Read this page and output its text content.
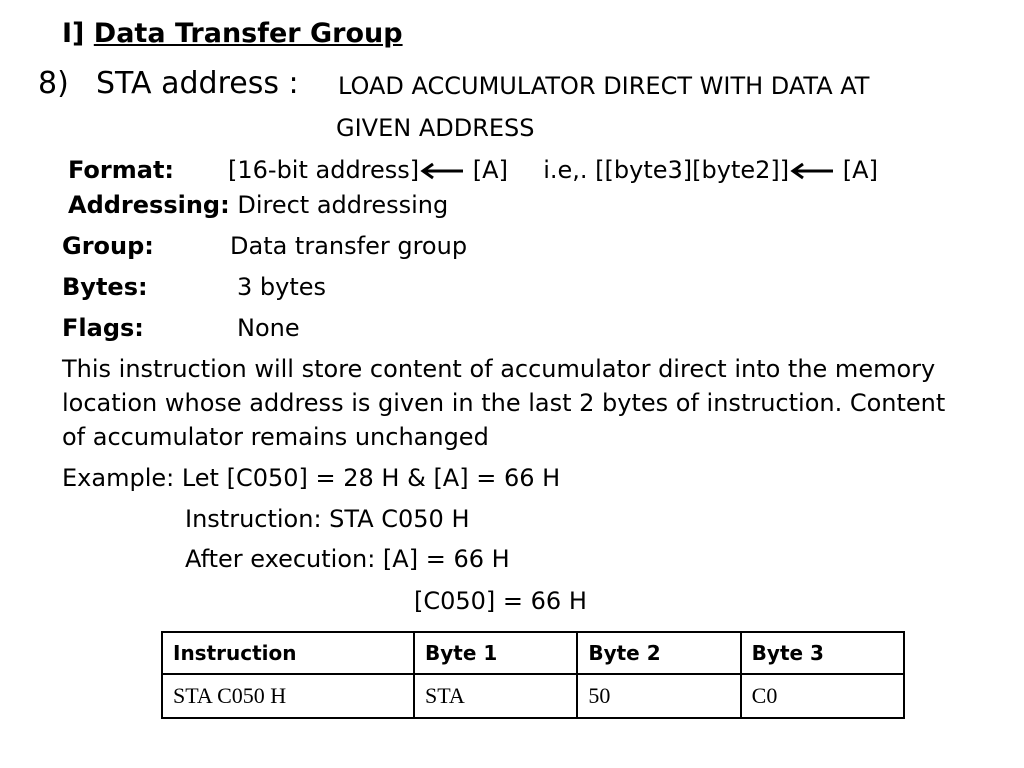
I] Data Transfer Group
8) STA address : LOAD ACCUMULATOR DIRECT WITH DATA AT
GIVEN ADDRESS
Format: [16-bit address] [A] i.e,. [[byte3][byte2]] [A]
Addressing: Direct addressing
Group:	Data transfer group
Bytes:	3 bytes
Flags:	None
This instruction will store content of accumulator direct into the memory location whose address is given in the last 2 bytes of instruction. Content of accumulator remains unchanged
Example: Let [C050] = 28 H & [A] = 66 H
Instruction: STA C050 H
After execution: [A] = 66 H
[C050] = 66 H
Instruction	Byte 1	Byte 2	Byte 3
STA C050 H	STA	50	C0
